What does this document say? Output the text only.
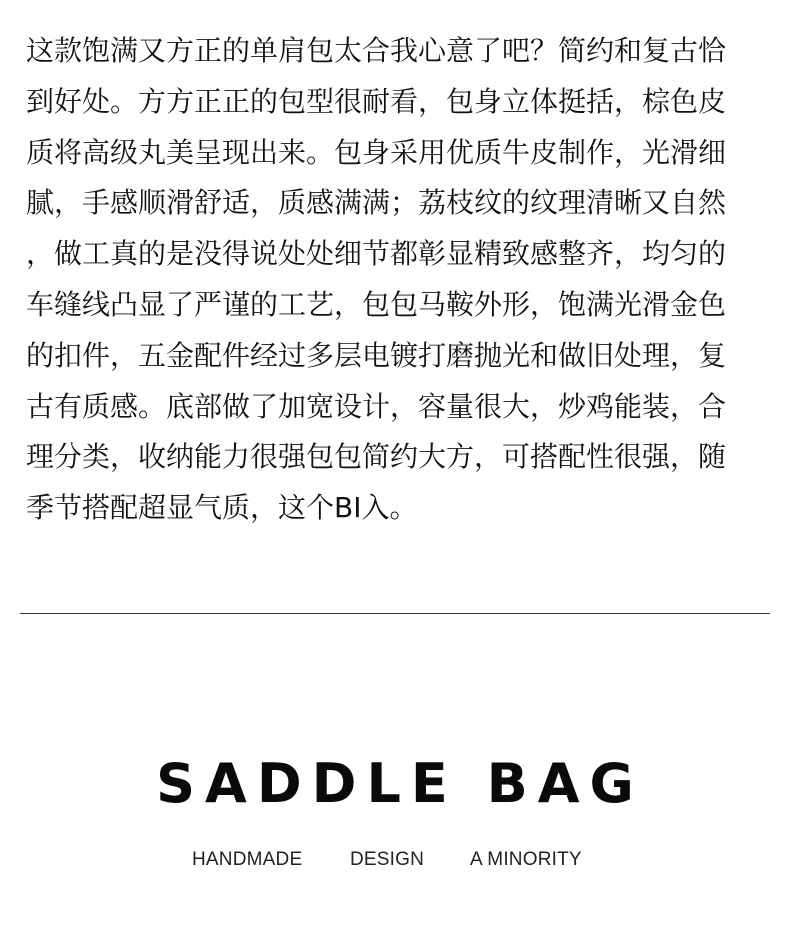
这款饱满又方正的单肩包太合我心意了吧？简约和复古恰
到好处。方方正正的包型很耐看，包身立体挺括，棕色皮
质将高级丸美呈现出来。包身采用优质牛皮制作，光滑细
腻，手感顺滑舒适，质感满满；荔枝纹的纹理清晰又自然
，做工真的是没得说处处细节都彰显精致感整齐，均匀的
车缝线凸显了严谨的工艺，包包马鞍外形，饱满光滑金色
的扣件，五金配件经过多层电镀打磨抛光和做旧处理，复
古有质感。底部做了加宽设计，容量很大，炒鸡能装，合
理分类，收纳能力很强包包简约大方，可搭配性很强，随
季节搭配超显气质，这个BI入。
SADDLE BAG
HANDMADE	DESIGN A MINORITY
